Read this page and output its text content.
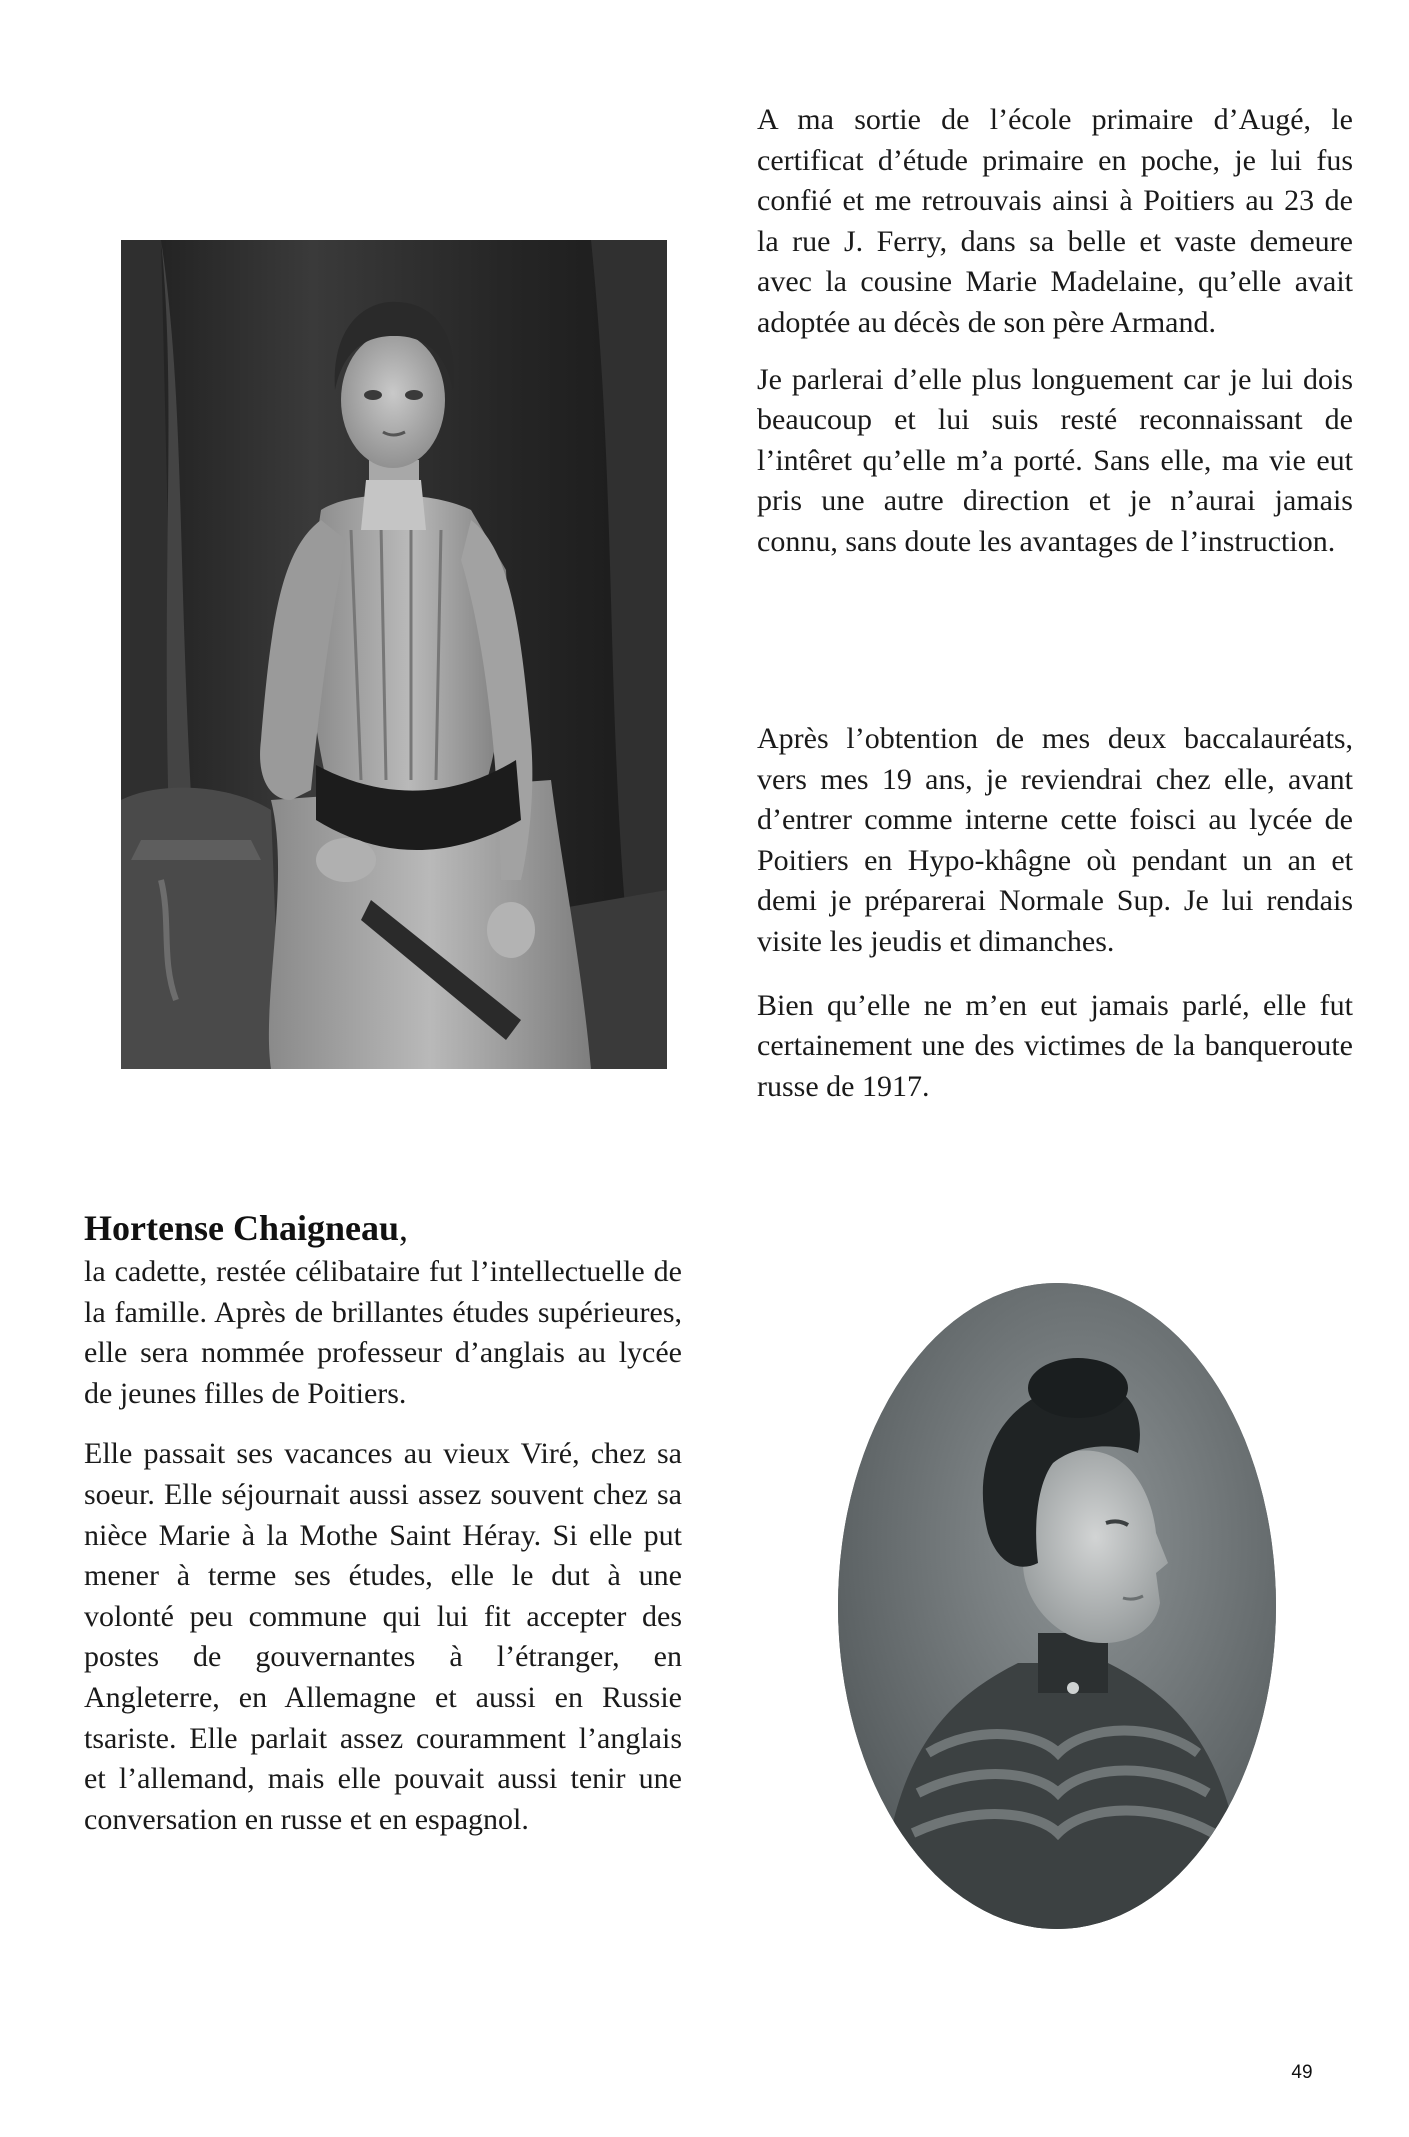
A ma sortie de l’école primaire d’Augé, le certificat d’étude primaire en poche, je lui fus confié et me retrouvais ainsi à Poitiers au 23 de la rue J. Ferry, dans sa belle et vaste demeure avec la cousine Marie Madelaine, qu’elle avait adoptée au décès de son père Armand.

Je parlerai d’elle plus longuement car je lui dois beaucoup et lui suis resté reconnaissant de l’intêret qu’elle m’a porté. Sans elle, ma vie eut pris une autre direction et je n’aurai jamais connu, sans doute les avantages de l’instruction.

Après l’obtention de mes deux baccalauréats, vers mes 19 ans, je reviendrai chez elle, avant d’entrer comme interne cette foisci au lycée de Poitiers en Hypo-khâgne où pendant un an et demi je préparerai Normale Sup. Je lui rendais visite les jeudis et dimanches.

Bien qu’elle ne m’en eut jamais parlé, elle fut certainement une des victimes de la banqueroute russe de 1917.

Hortense Chaigneau,

la cadette, restée célibataire fut l’intellectuelle de la famille. Après de brillantes études supérieures, elle sera nommée professeur d’anglais au lycée de jeunes filles de Poitiers.

Elle passait ses vacances au vieux Viré, chez sa soeur. Elle séjournait aussi assez souvent chez sa nièce Marie à la Mothe Saint Héray. Si elle put mener à terme ses études, elle le dut à une volonté peu commune qui lui fit accepter des postes de gouvernantes à l’étranger, en Angleterre, en Allemagne et aussi en Russie tsariste. Elle parlait assez couramment l’anglais et l’allemand, mais elle pouvait aussi tenir une conversation en russe et en espagnol.

49
